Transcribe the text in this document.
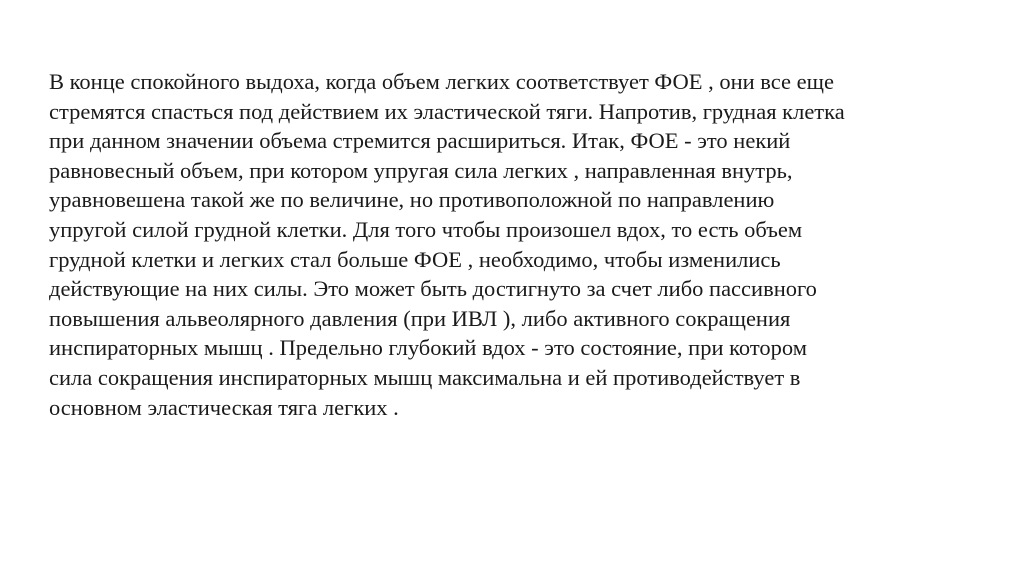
В конце спокойного выдоха, когда объем легких соответствует ФОЕ , они все еще
стремятся спасться под действием их эластической тяги. Напротив, грудная клетка
при данном значении объема стремится расшириться. Итак, ФОЕ - это некий
равновесный объем, при котором упругая сила легких , направленная внутрь,
уравновешена такой же по величине, но противоположной по направлению
упругой силой грудной клетки. Для того чтобы произошел вдох, то есть объем
грудной клетки и легких стал больше ФОЕ , необходимо, чтобы изменились
действующие на них силы. Это может быть достигнуто за счет либо пассивного
повышения альвеолярного давления (при ИВЛ ), либо активного сокращения
инспираторных мышц . Предельно глубокий вдох - это состояние, при котором
сила сокращения инспираторных мышц максимальна и ей противодействует в
основном эластическая тяга легких .
